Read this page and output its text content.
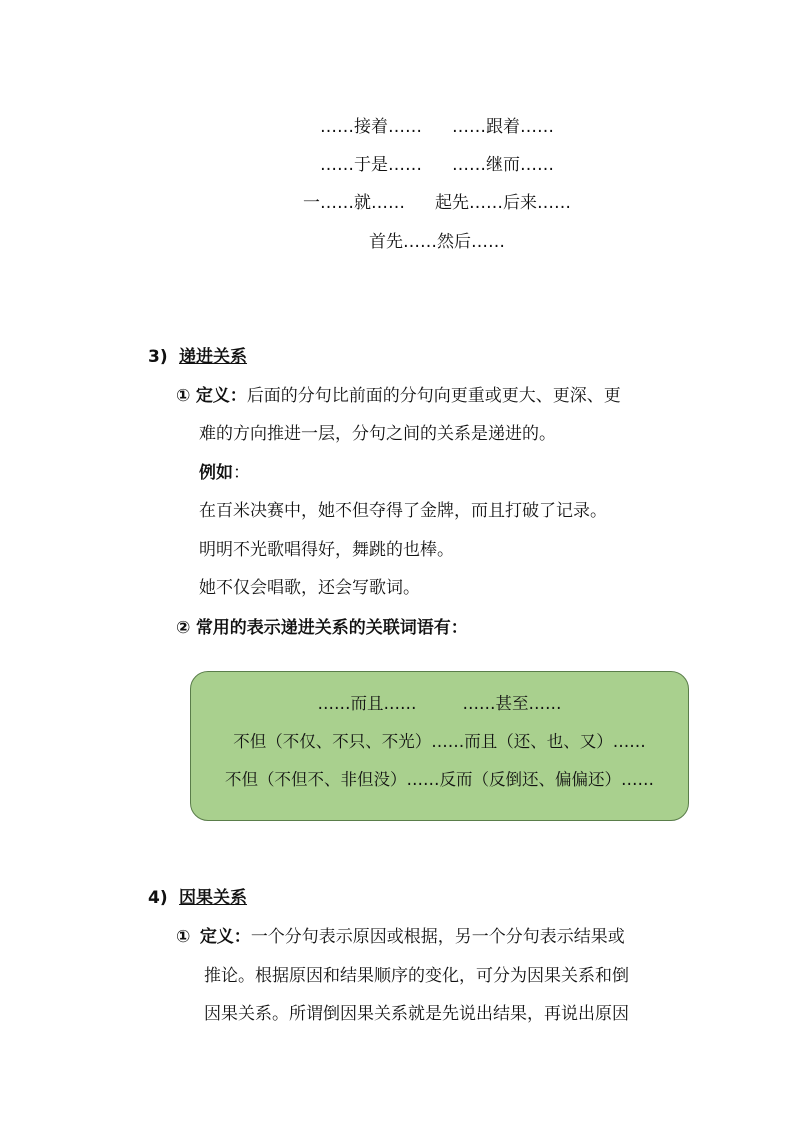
……接着…… ……跟着……
……于是…… ……继而……
一……就…… 起先……后来……
首先……然后……
3) 递进关系
① 定义：后面的分句比前面的分句向更重或更大、更深、更
难的方向推进一层，分句之间的关系是递进的。
例如：
在百米决赛中，她不但夺得了金牌，而且打破了记录。
明明不光歌唱得好，舞跳的也棒。
她不仅会唱歌，还会写歌词。
② 常用的表示递进关系的关联词语有：
……而且……	……甚至……
不但（不仅、不只、不光）……而且（还、也、又）……
不但（不但不、非但没）……反而（反倒还、偏偏还）……
4) 因果关系
① 定义：一个分句表示原因或根据，另一个分句表示结果或
推论。根据原因和结果顺序的变化，可分为因果关系和倒
因果关系。所谓倒因果关系就是先说出结果，再说出原因
